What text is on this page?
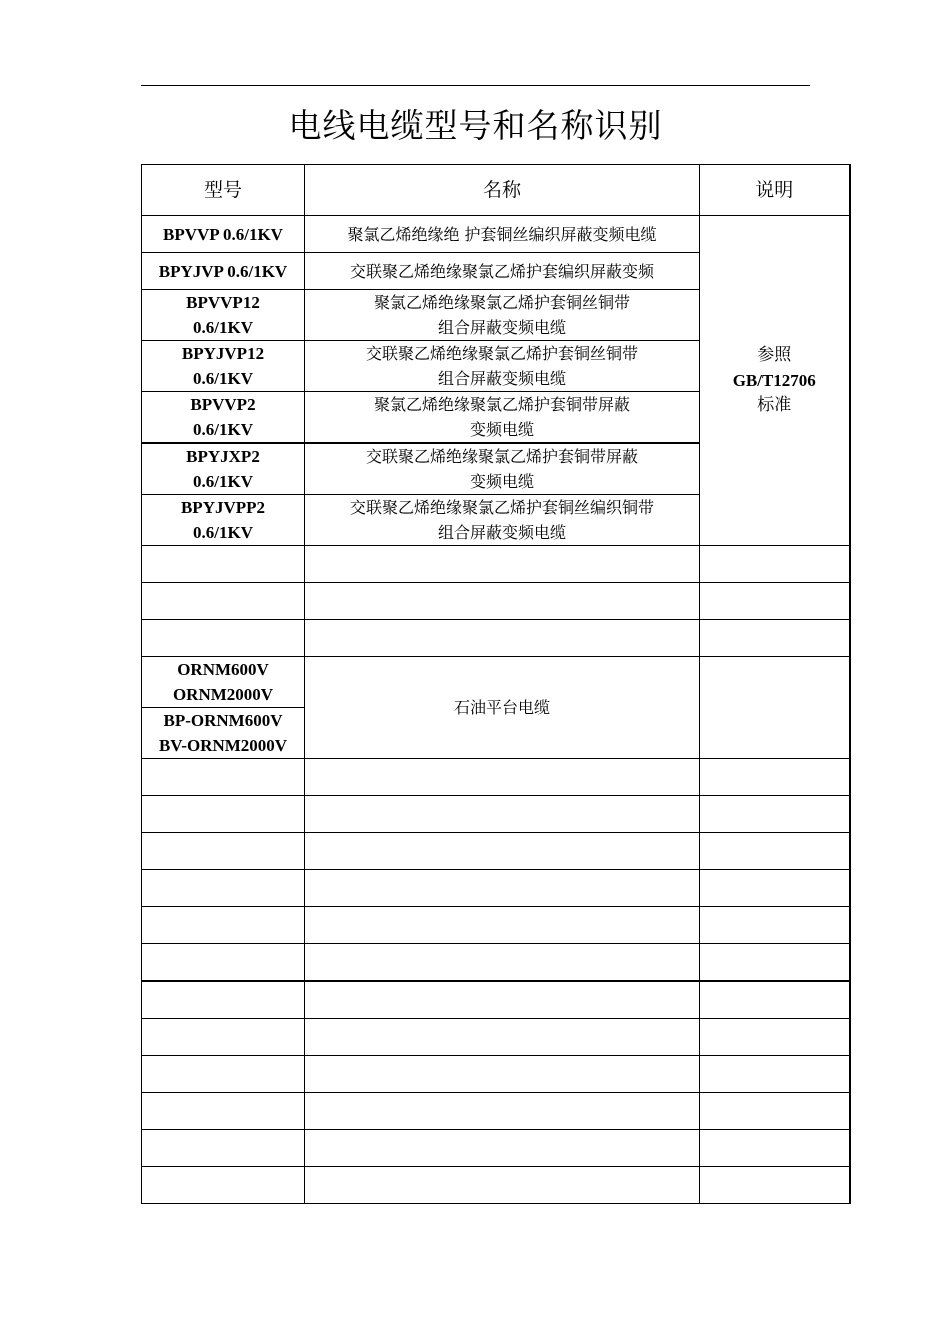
电线电缆型号和名称识别
型号	名称	说明

BPVVP 0.6/1KV	聚氯乙烯绝缘绝 护套铜丝编织屏蔽变频电缆	参照
GB/T12706
标准

BPYJVP 0.6/1KV	交联聚乙烯绝缘聚氯乙烯护套编织屏蔽变频	

BPVVP12
0.6/1KV	聚氯乙烯绝缘聚氯乙烯护套铜丝铜带
组合屏蔽变频电缆	

BPYJVP12
0.6/1KV	交联聚乙烯绝缘聚氯乙烯护套铜丝铜带
组合屏蔽变频电缆	

BPVVP2
0.6/1KV	聚氯乙烯绝缘聚氯乙烯护套铜带屏蔽
变频电缆	

BPYJXP2
0.6/1KV	交联聚乙烯绝缘聚氯乙烯护套铜带屏蔽
变频电缆	

BPYJVPP2
0.6/1KV	交联聚乙烯绝缘聚氯乙烯护套铜丝编织铜带
组合屏蔽变频电缆	

ORNM600V
ORNM2000V	石油平台电缆	

BP-ORNM600V
BV-ORNM2000V		
